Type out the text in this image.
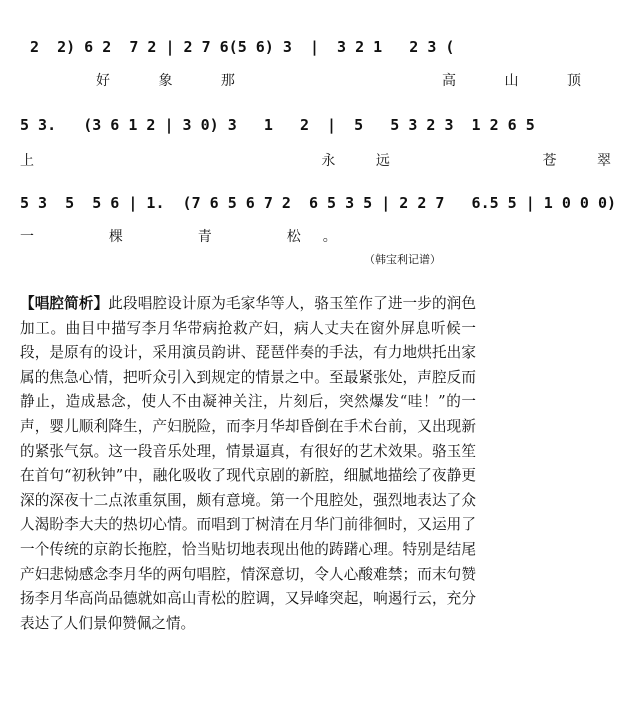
2  2) 6 2  7 2 | 2 7 6(5 6) 3  |  3 2 1   2 3 (
好 象 那       高 山 顶
5 3.   (3 6 1 2 | 3 0) 3   1   2  |  5   5 3 2 3  1 2 6 5
上            永 远      苍 翠
5 3  5  5 6 | 1.  (7 6 5 6 7 2  6 5 3 5 | 2 2 7   6.5 5 | 1 0 0 0)
一  棵  青  松。
（韩宝利记谱）
【唱腔简析】此段唱腔设计原为毛家华等人，骆玉笙作了进一步的润色加工。曲目中描写李月华带病抢救产妇，病人丈夫在窗外屏息听候一段，是原有的设计，采用演员韵讲、琵琶伴奏的手法，有力地烘托出家属的焦急心情，把听众引入到规定的情景之中。至最紧张处，声腔反而静止，造成悬念，使人不由凝神关注，片刻后，突然爆发“哇！”的一声，婴儿顺利降生，产妇脱险，而李月华却昏倒在手术台前，又出现新的紧张气氛。这一段音乐处理，情景逼真，有很好的艺术效果。骆玉笙在首句“初秋钟”中，融化吸收了现代京剧的新腔，细腻地描绘了夜静更深的深夜十二点浓重氛围，颇有意境。第一个甩腔处，强烈地表达了众人渴盼李大夫的热切心情。而唱到丁树清在月华门前徘徊时，又运用了一个传统的京韵长拖腔，恰当贴切地表现出他的踌躇心理。特别是结尾产妇悲恸感念李月华的两句唱腔，情深意切，令人心酸难禁；而末句赞扬李月华高尚品德就如高山青松的腔调，又异峰突起，响遏行云，充分表达了人们景仰赞佩之情。
